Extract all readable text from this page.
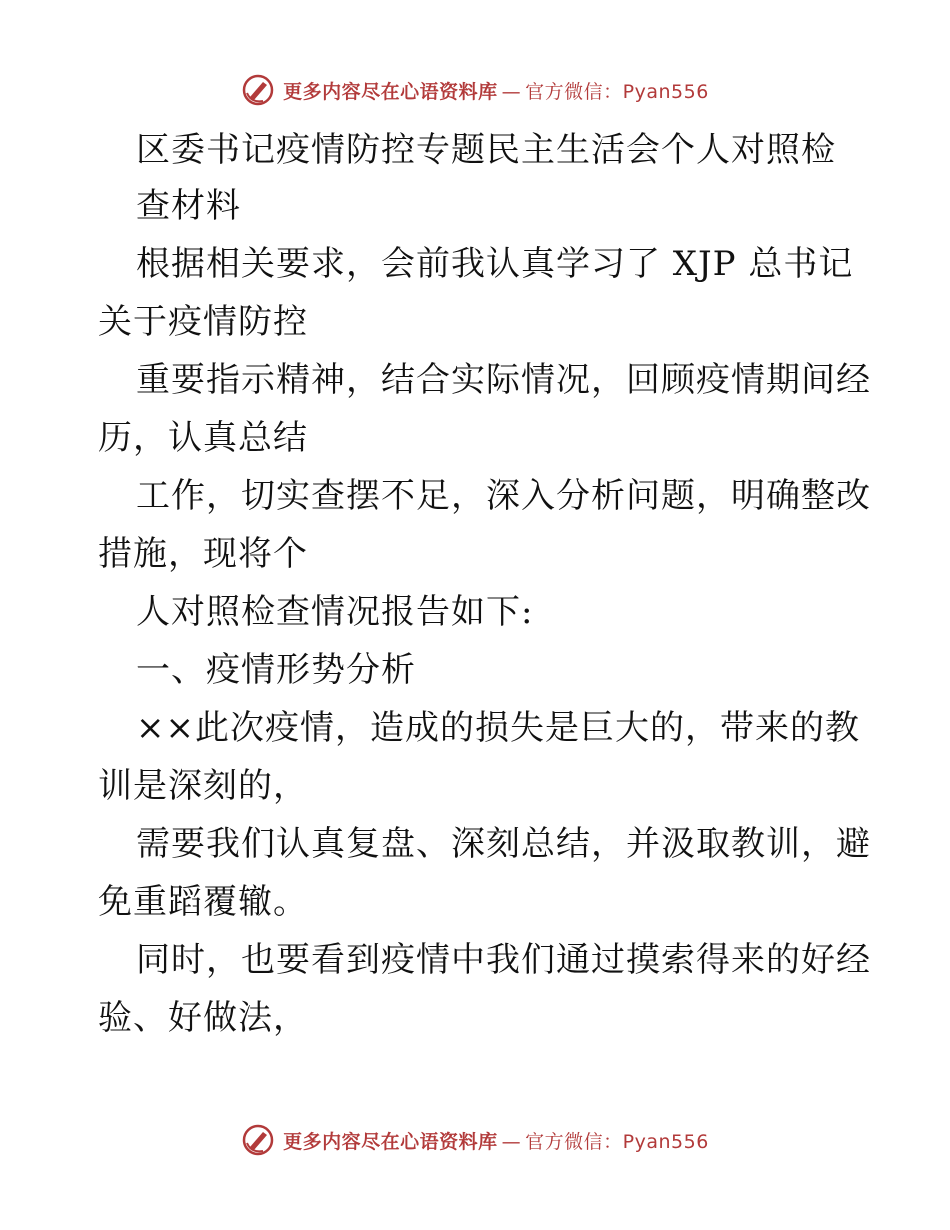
更多内容尽在心语资料库 — 官方微信：Pyan556
区委书记疫情防控专题民主生活会个人对照检
查材料
根据相关要求，会前我认真学习了 XJP 总书记
关于疫情防控
重要指示精神，结合实际情况，回顾疫情期间经
历，认真总结
工作，切实查摆不足，深入分析问题，明确整改
措施，现将个
人对照检查情况报告如下:
一、疫情形势分析
××此次疫情，造成的损失是巨大的，带来的教
训是深刻的，
需要我们认真复盘、深刻总结，并汲取教训，避
免重蹈覆辙。
同时，也要看到疫情中我们通过摸索得来的好经
验、好做法，
更多内容尽在心语资料库 — 官方微信：Pyan556
